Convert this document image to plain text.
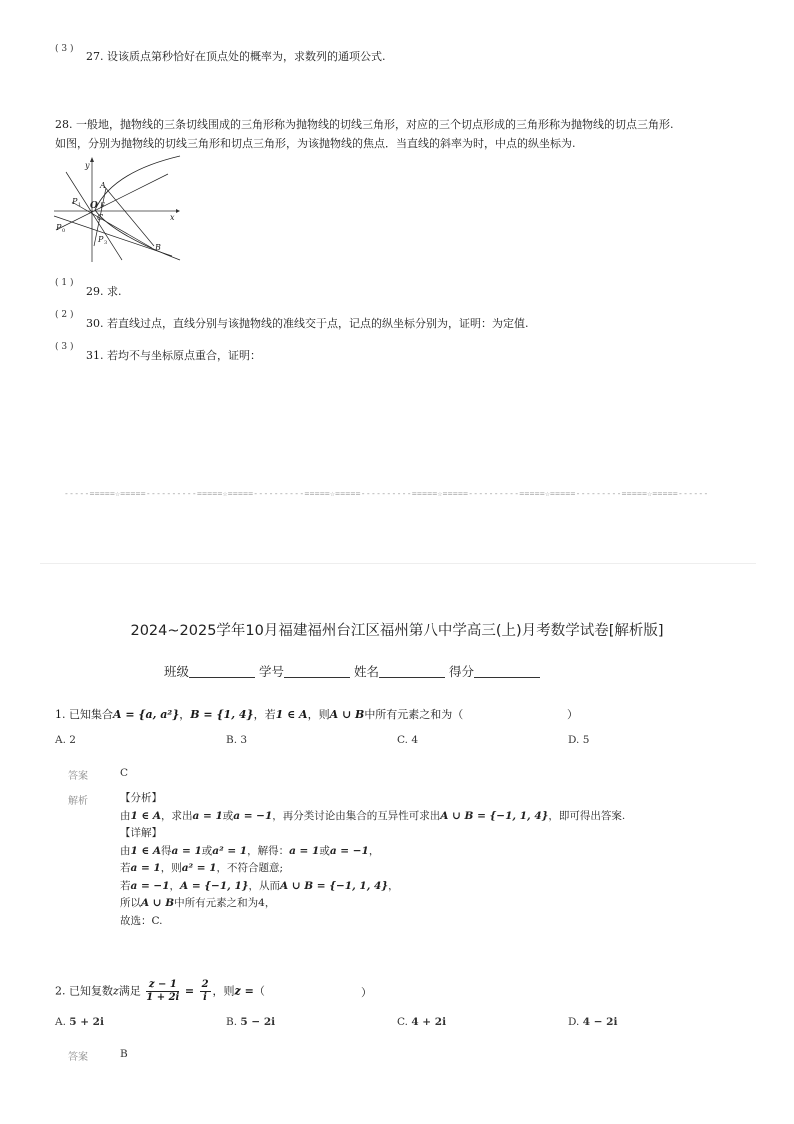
( 3 )
27. 设该质点第秒恰好在顶点处的概率为，求数列的通项公式.
28. 一般地，抛物线的三条切线围成的三角形称为抛物线的切线三角形，对应的三个切点形成的三角形称为抛物线的切点三角形.
如图，分别为抛物线的切线三角形和切点三角形，为该抛物线的焦点．当直线的斜率为时，中点的纵坐标为.
y
x
A
P 1 O F
C
P 0
P 3	B
( 1 )
29. 求.
( 2 )
30. 若直线过点，直线分别与该抛物线的准线交于点，记点的纵坐标分别为，证明：为定值.
( 3 )
31. 若均不与坐标原点重合，证明：
-----=====☆=====----------=====☆=====----------=====☆=====----------=====☆=====----------=====☆=====---------=====☆=====------
2024~2025学年10月福建福州台江区福州第八中学高三(上)月考数学试卷[解析版]
班级	学号	姓名	得分
1. 已知集合A = {a, a²}，B = {1, 4}，若1 ∈ A，则A ∪ B中所有元素之和为（	）
A. 2	B. 3	C. 4	D. 5
答案	C
解析	【分析】
由1 ∈ A，求出a = 1或a = −1，再分类讨论由集合的互异性可求出A ∪ B = {−1, 1, 4}，即可得出答案.
【详解】
由1 ∈ A得a = 1或a² = 1，解得：a = 1或a = −1，
若a = 1，则a² = 1，不符合题意;
若a = −1，A = {−1, 1}，从而A ∪ B = {−1, 1, 4}，
所以A ∪ B中所有元素之和为4，
故选：C.
2. 已知复数z满足 $\frac{z - 1}{1 + 2i} = \frac{2}{i}$ ，则z =（	）
A. 5 + 2i	B. 5 − 2i	C. 4 + 2i	D. 4 − 2i
答案	B
